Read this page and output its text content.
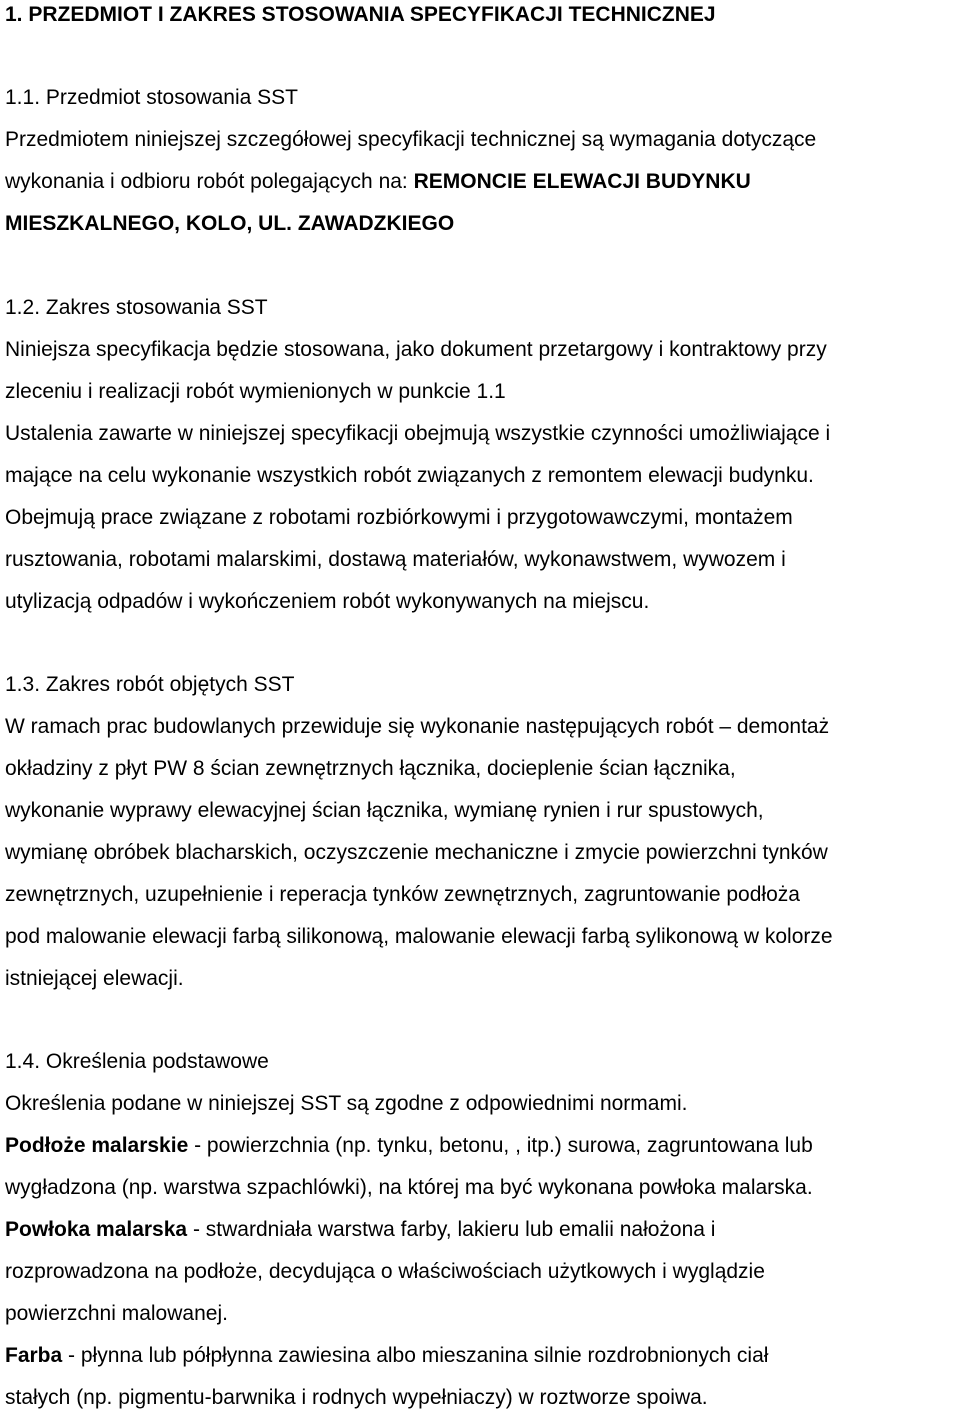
1. PRZEDMIOT I ZAKRES STOSOWANIA SPECYFIKACJI TECHNICZNEJ
1.1. Przedmiot stosowania SST
Przedmiotem niniejszej szczegółowej specyfikacji technicznej są wymagania dotyczące
wykonania i odbioru robót polegających na: REMONCIE ELEWACJI BUDYNKU
MIESZKALNEGO, KOLO, UL. ZAWADZKIEGO
1.2. Zakres stosowania SST
Niniejsza specyfikacja będzie stosowana, jako dokument przetargowy i kontraktowy przy
zleceniu i realizacji robót wymienionych w punkcie 1.1
Ustalenia zawarte w niniejszej specyfikacji obejmują wszystkie czynności umożliwiające i
mające na celu wykonanie wszystkich robót związanych z remontem elewacji budynku.
Obejmują prace związane z robotami rozbiórkowymi i przygotowawczymi, montażem
rusztowania, robotami malarskimi, dostawą materiałów, wykonawstwem, wywozem i
utylizacją odpadów i wykończeniem robót wykonywanych na miejscu.
1.3. Zakres robót objętych SST
W ramach prac budowlanych przewiduje się wykonanie następujących robót – demontaż
okładziny z płyt PW 8 ścian zewnętrznych łącznika, docieplenie ścian łącznika,
wykonanie wyprawy elewacyjnej ścian łącznika, wymianę rynien i rur spustowych,
wymianę obróbek blacharskich, oczyszczenie mechaniczne i zmycie powierzchni tynków
zewnętrznych, uzupełnienie i reperacja tynków zewnętrznych, zagruntowanie podłoża
pod malowanie elewacji farbą silikonową, malowanie elewacji farbą sylikonową w kolorze
istniejącej elewacji.
1.4. Określenia podstawowe
Określenia podane w niniejszej SST są zgodne z odpowiednimi normami.
Podłoże malarskie - powierzchnia (np. tynku, betonu, , itp.) surowa, zagruntowana lub
wygładzona (np. warstwa szpachlówki), na której ma być wykonana powłoka malarska.
Powłoka malarska - stwardniała warstwa farby, lakieru lub emalii nałożona i
rozprowadzona na podłoże, decydująca o właściwościach użytkowych i wyglądzie
powierzchni malowanej.
Farba - płynna lub półpłynna zawiesina albo mieszanina silnie rozdrobnionych ciał
stałych (np. pigmentu-barwnika i rodnych wypełniaczy) w roztworze spoiwa.
